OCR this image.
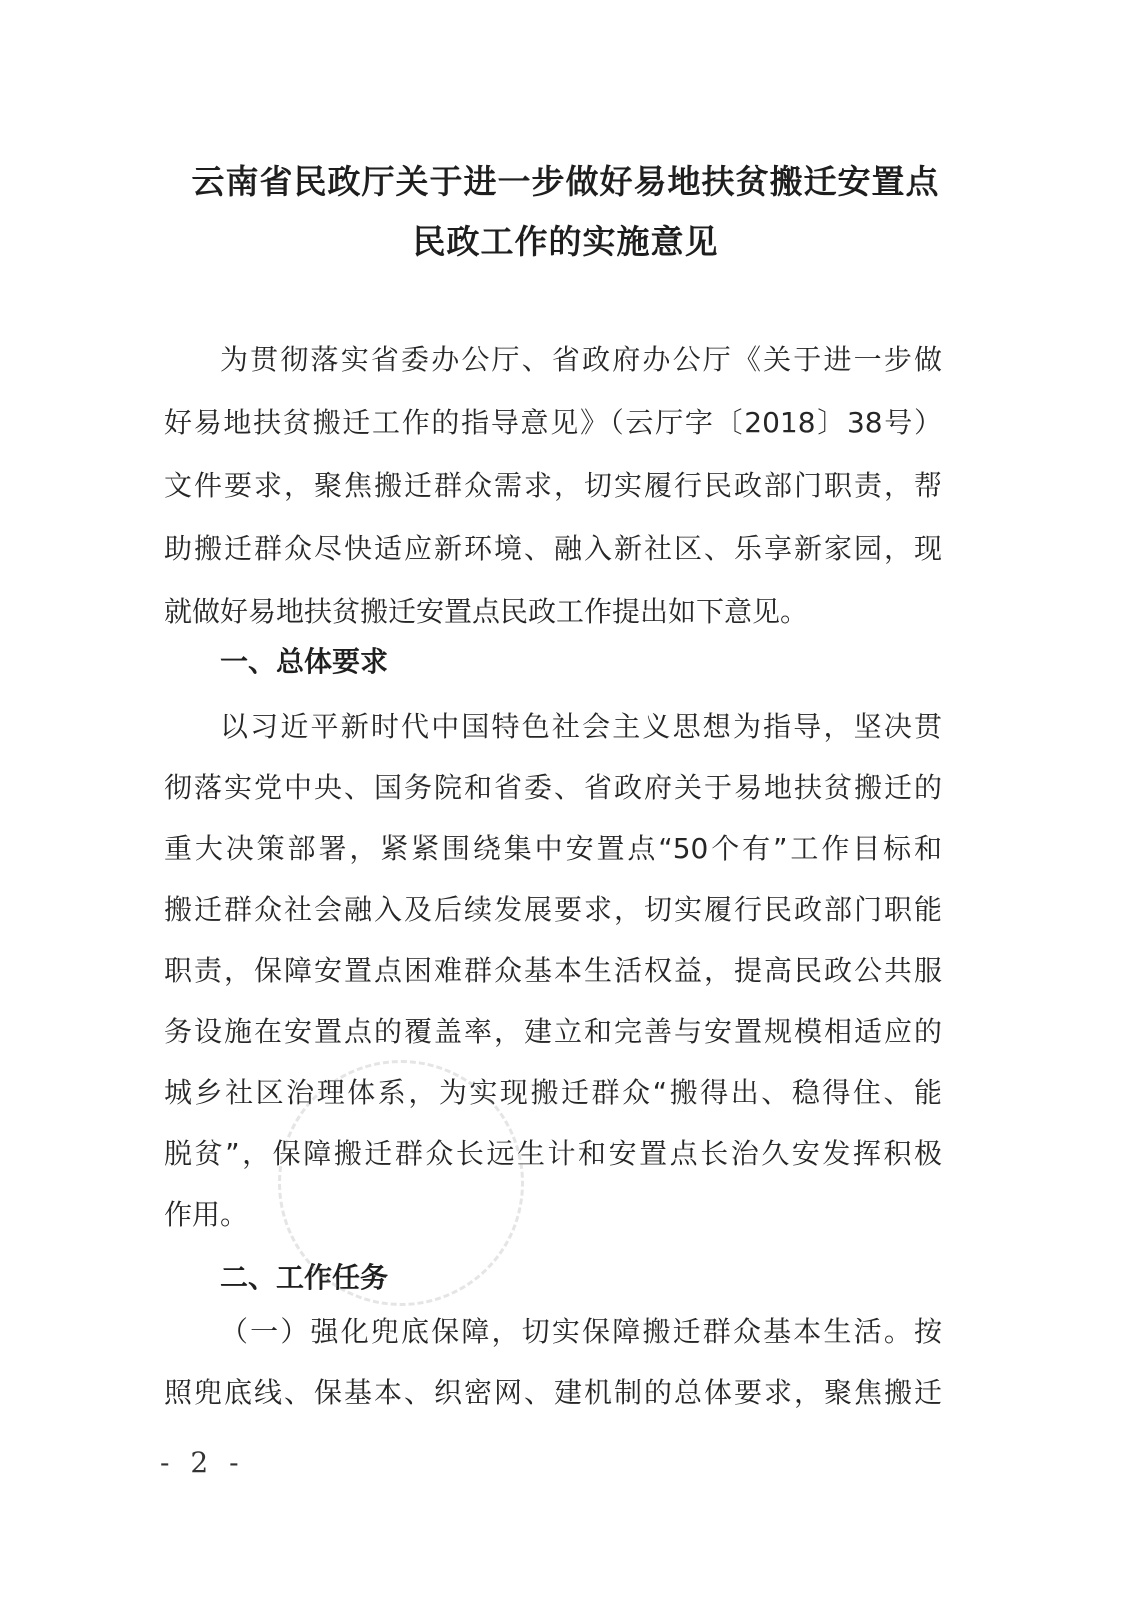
云南省民政厅关于进一步做好易地扶贫搬迁安置点
民政工作的实施意见
为贯彻落实省委办公厅、省政府办公厅《关于进一步做
好易地扶贫搬迁工作的指导意见》（云厅字〔2018〕38号）
文件要求，聚焦搬迁群众需求，切实履行民政部门职责，帮
助搬迁群众尽快适应新环境、融入新社区、乐享新家园，现
就做好易地扶贫搬迁安置点民政工作提出如下意见。
一、总体要求
以习近平新时代中国特色社会主义思想为指导，坚决贯
彻落实党中央、国务院和省委、省政府关于易地扶贫搬迁的
重大决策部署，紧紧围绕集中安置点“50个有”工作目标和
搬迁群众社会融入及后续发展要求，切实履行民政部门职能
职责，保障安置点困难群众基本生活权益，提高民政公共服
务设施在安置点的覆盖率，建立和完善与安置规模相适应的
城乡社区治理体系，为实现搬迁群众“搬得出、稳得住、能
脱贫”，保障搬迁群众长远生计和安置点长治久安发挥积极
作用。
二、工作任务
（一）强化兜底保障，切实保障搬迁群众基本生活。按
照兜底线、保基本、织密网、建机制的总体要求，聚焦搬迁
- 2 -
